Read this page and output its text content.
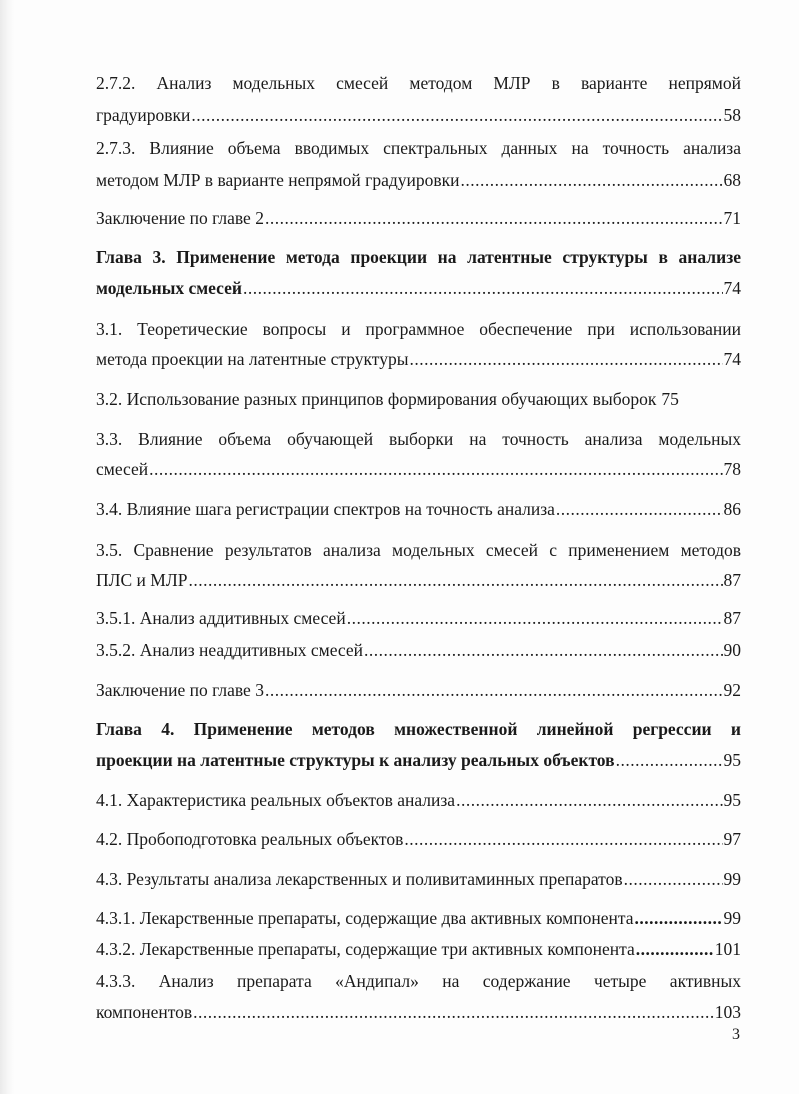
2.7.2. Анализ модельных смесей методом МЛР в варианте непрямой
градуировки .....	58
2.7.3. Влияние объема вводимых спектральных данных на точность анализа
методом МЛР в варианте непрямой градуировки .....	68
Заключение по главе 2 .....	71
Глава 3. Применение метода проекции на латентные структуры в анализе
модельных смесей .....	74
3.1. Теоретические вопросы и программное обеспечение при использовании
метода проекции на латентные структуры .....	74
3.2. Использование разных принципов формирования обучающих выборок 75
3.3. Влияние объема обучающей выборки на точность анализа модельных
смесей .....	78
3.4. Влияние шага регистрации спектров на точность анализа .....	86
3.5. Сравнение результатов анализа модельных смесей с применением методов
ПЛС и МЛР .....	87
3.5.1. Анализ аддитивных смесей .....	87
3.5.2. Анализ неаддитивных смесей .....	90
Заключение по главе 3 .....	92
Глава 4. Применение методов множественной линейной регрессии и
проекции на латентные структуры к анализу реальных объектов .....	95
4.1. Характеристика реальных объектов анализа .....	95
4.2. Пробоподготовка реальных объектов .....	97
4.3. Результаты анализа лекарственных и поливитаминных препаратов .....	99
4.3.1. Лекарственные препараты, содержащие два активных компонента .....	99
4.3.2. Лекарственные препараты, содержащие три активных компонента .....	101
4.3.3. Анализ препарата «Андипал» на содержание четыре активных
компонентов .....	103
3
